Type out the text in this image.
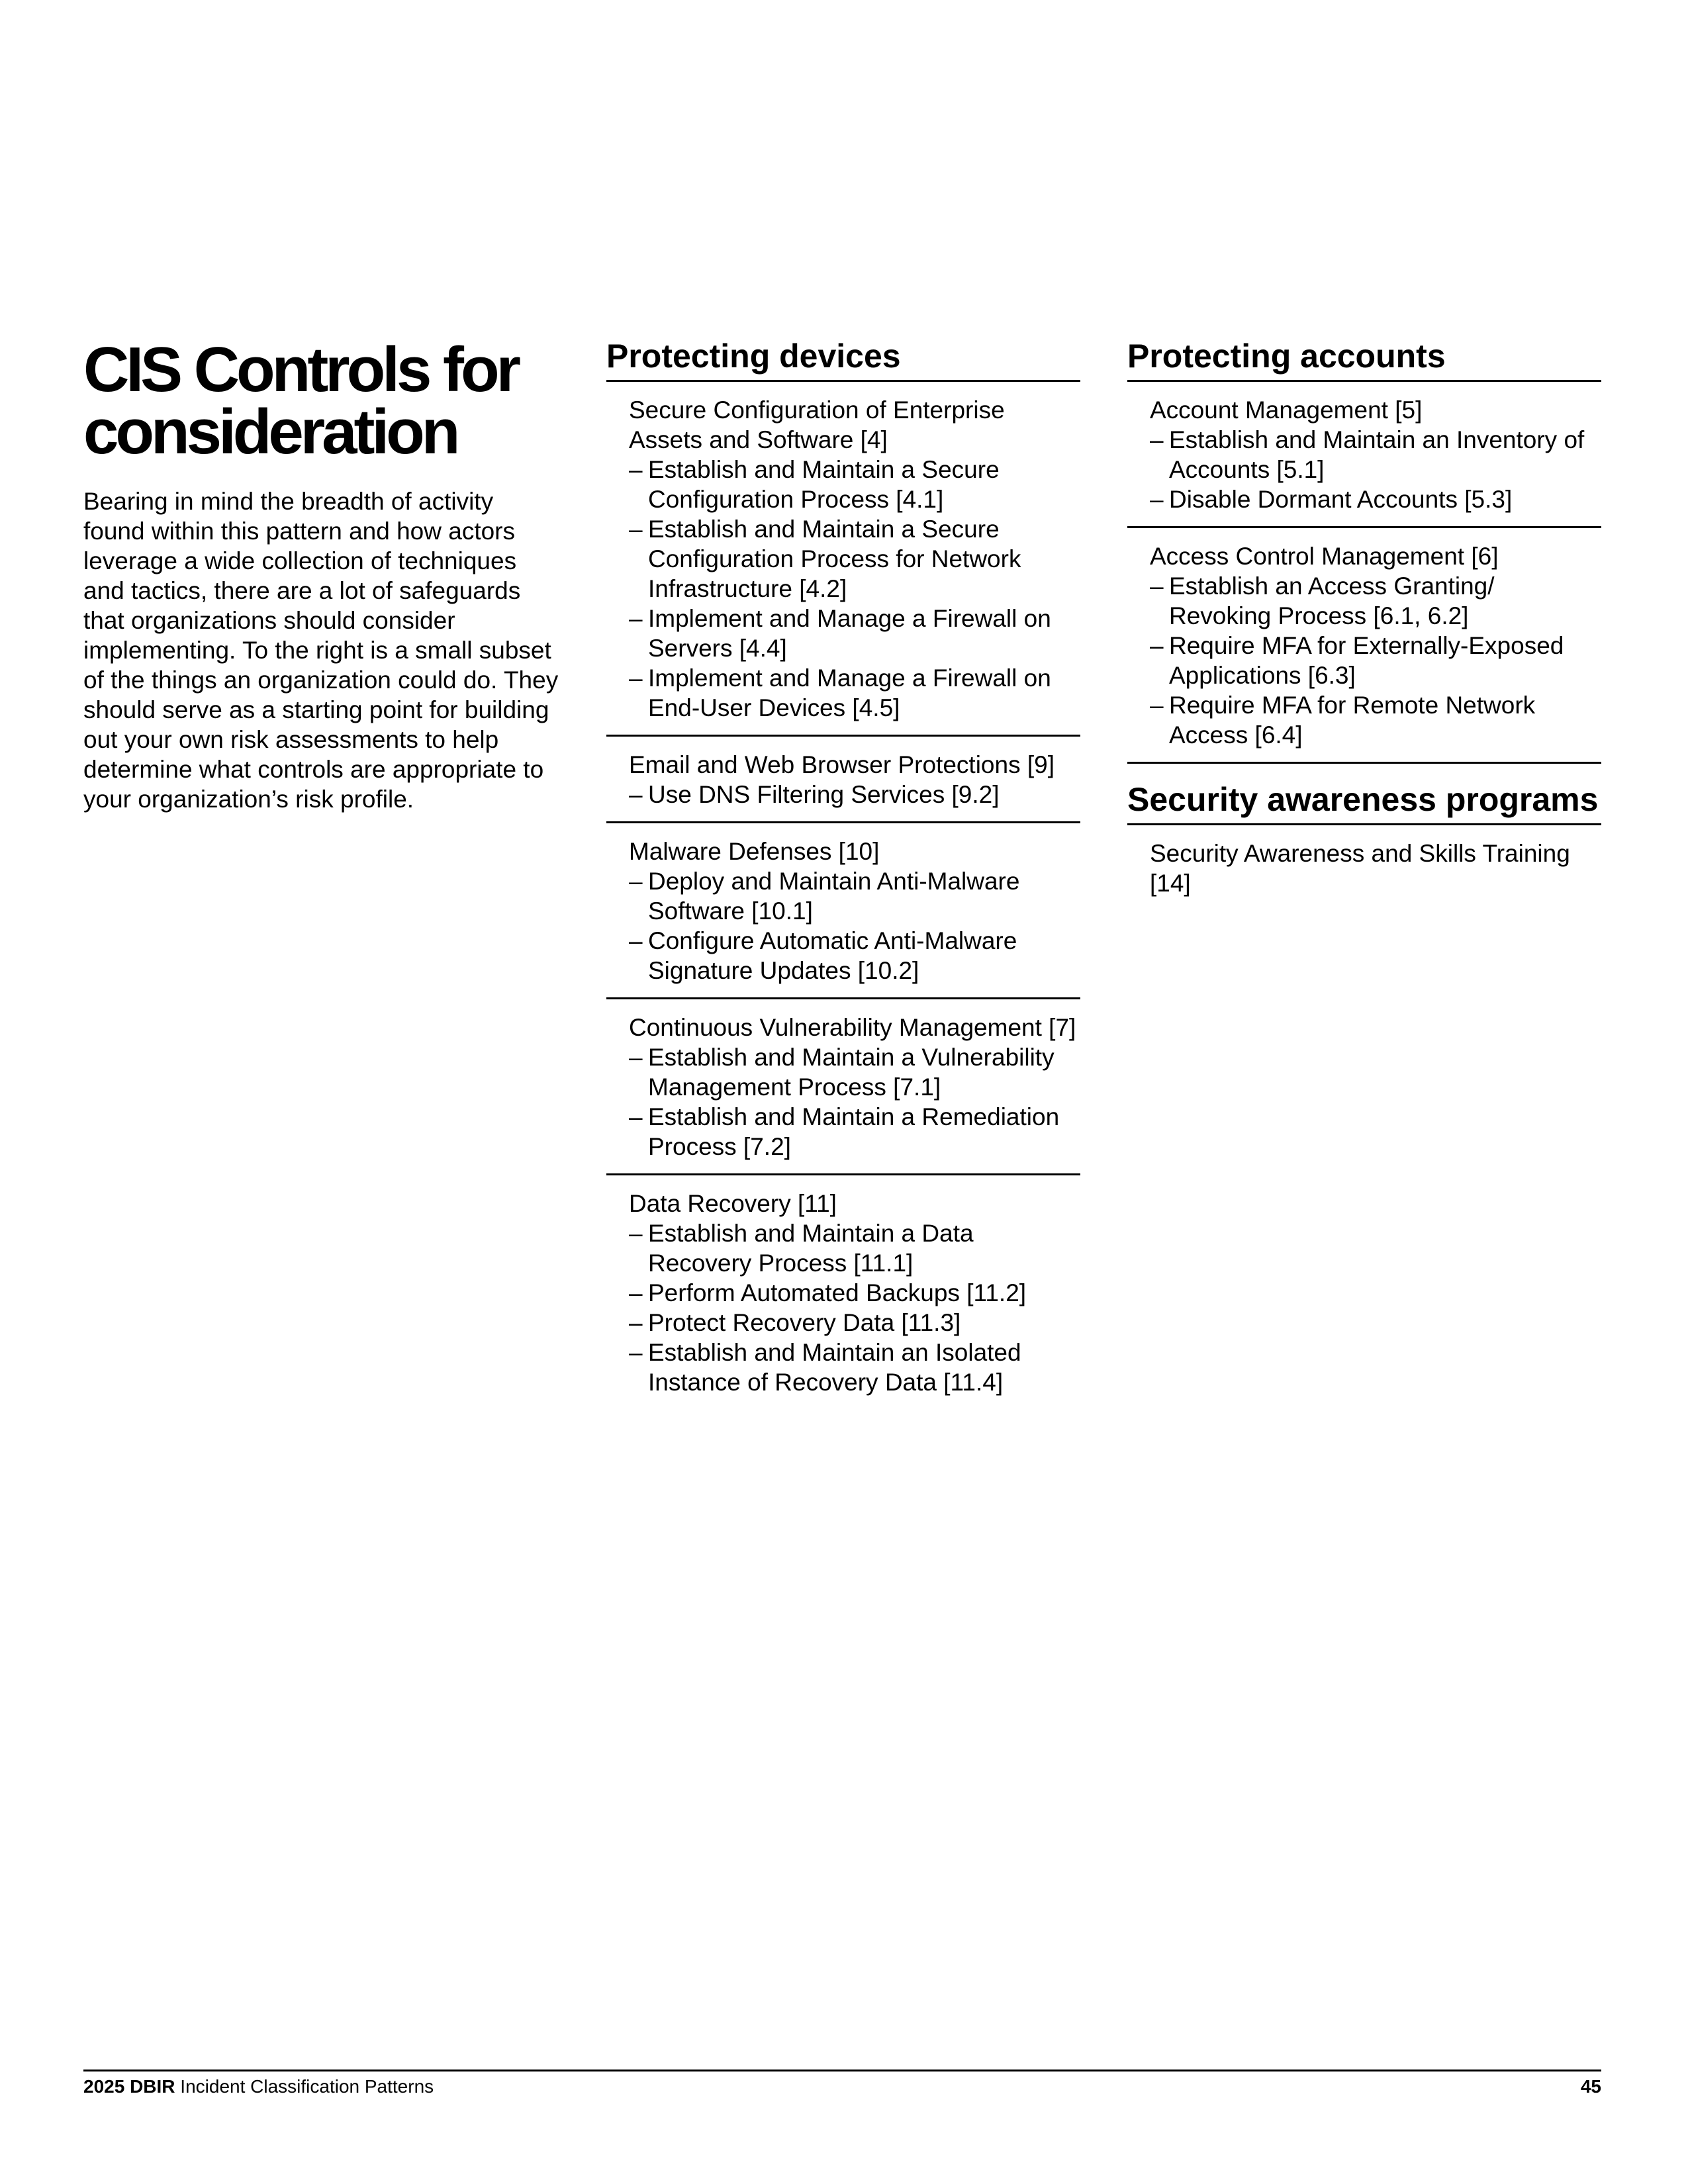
CIS Controls for
consideration

Bearing in mind the breadth of activity found within this pattern and how actors leverage a wide collection of techniques and tactics, there are a lot of safeguards that organizations should consider implementing. To the right is a small subset of the things an organization could do. They should serve as a starting point for building out your own risk assessments to help determine what controls are appropriate to your organization’s risk profile.

Protecting devices
Secure Configuration of Enterprise Assets and Software [4]
– Establish and Maintain a Secure Configuration Process [4.1]
– Establish and Maintain a Secure Configuration Process for Network Infrastructure [4.2]
– Implement and Manage a Firewall on Servers [4.4]
– Implement and Manage a Firewall on End-User Devices [4.5]
Email and Web Browser Protections [9]
– Use DNS Filtering Services [9.2]
Malware Defenses [10]
– Deploy and Maintain Anti-Malware Software [10.1]
– Configure Automatic Anti-Malware Signature Updates [10.2]
Continuous Vulnerability Management [7]
– Establish and Maintain a Vulnerability Management Process [7.1]
– Establish and Maintain a Remediation Process [7.2]
Data Recovery [11]
– Establish and Maintain a Data Recovery Process [11.1]
– Perform Automated Backups [11.2]
– Protect Recovery Data [11.3]
– Establish and Maintain an Isolated Instance of Recovery Data [11.4]
Protecting accounts
Account Management [5]
– Establish and Maintain an Inventory of Accounts [5.1]
– Disable Dormant Accounts [5.3]
Access Control Management [6]
– Establish an Access Granting/ Revoking Process [6.1, 6.2]
– Require MFA for Externally-Exposed Applications [6.3]
– Require MFA for Remote Network Access [6.4]
Security awareness programs
Security Awareness and Skills Training [14]
2025 DBIR Incident Classification Patterns	45
